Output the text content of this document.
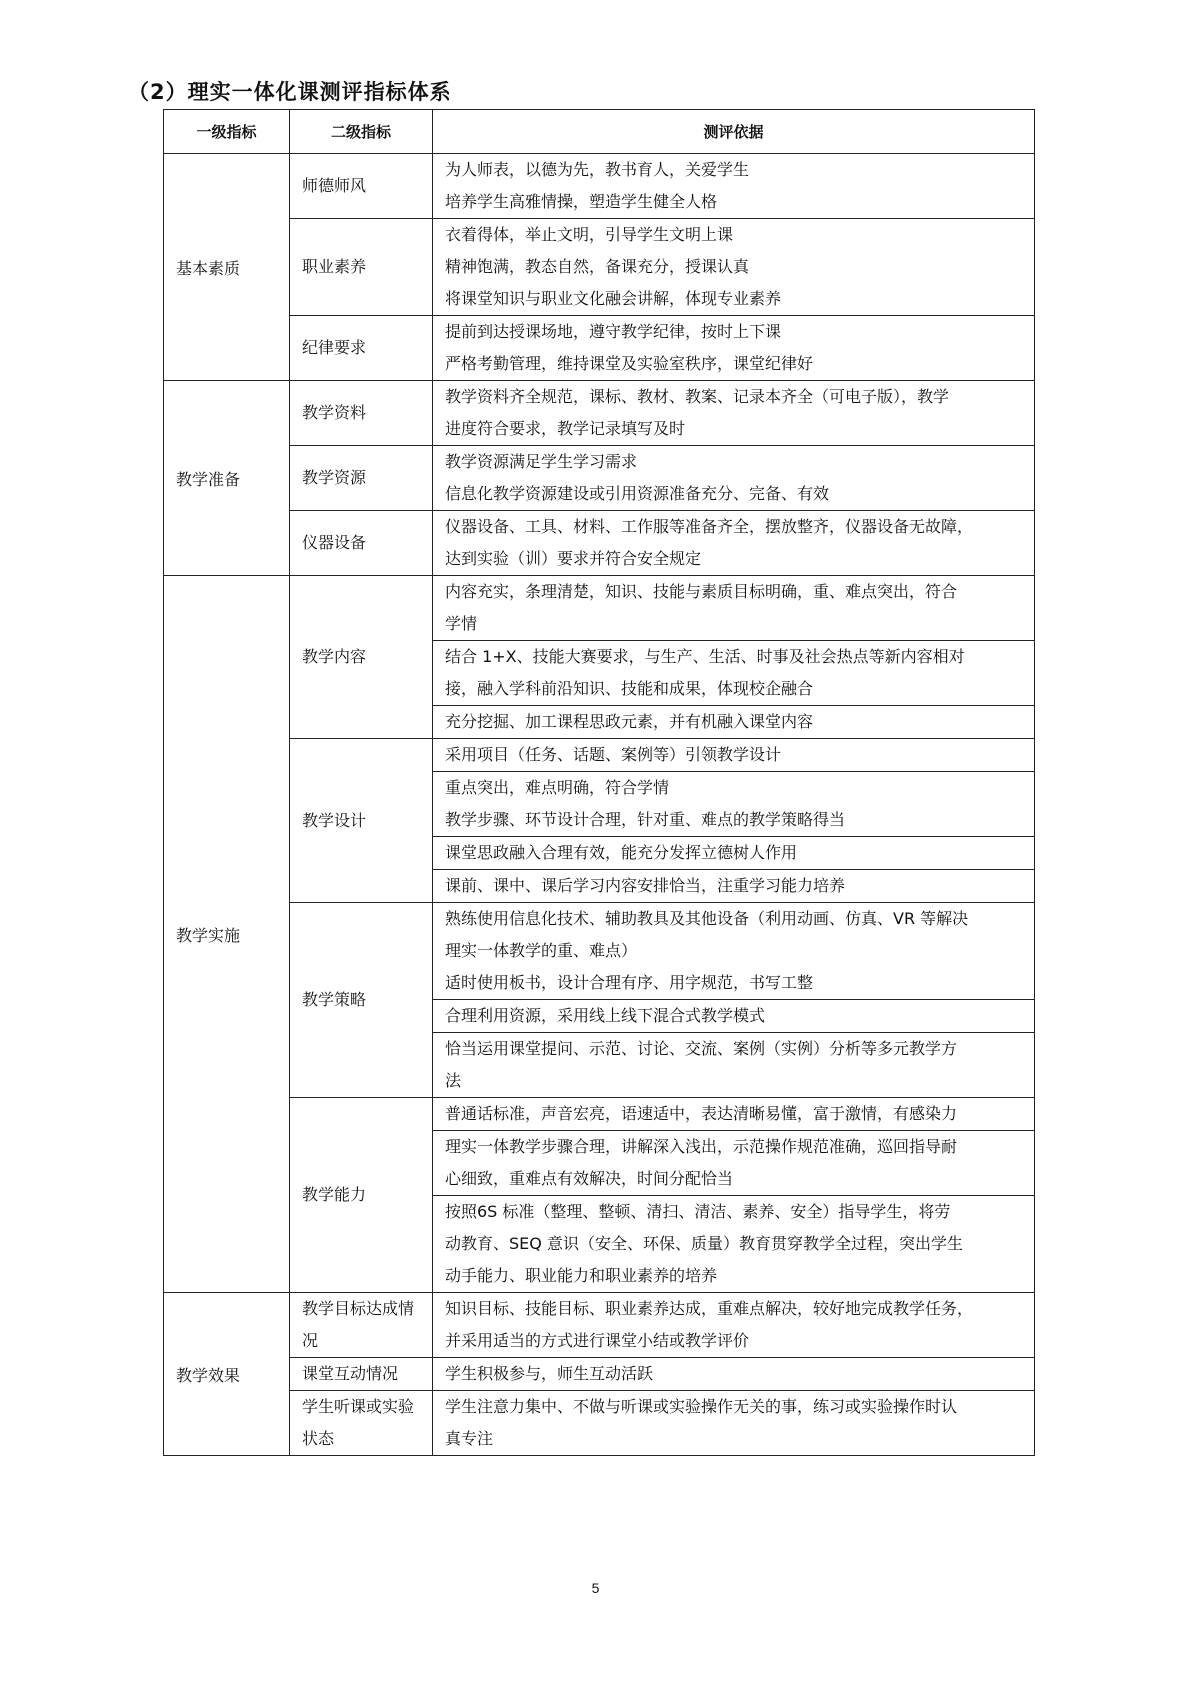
（2）理实一体化课测评指标体系
一级指标	二级指标	测评依据
基本素质	师德师风	为人师表，以德为先，教书育人，关爱学生
培养学生高雅情操，塑造学生健全人格

	职业素养	衣着得体，举止文明，引导学生文明上课
精神饱满，教态自然，备课充分，授课认真
将课堂知识与职业文化融会讲解，体现专业素养

	纪律要求	提前到达授课场地，遵守教学纪律，按时上下课
严格考勤管理，维持课堂及实验室秩序，课堂纪律好

教学准备	教学资料	教学资料齐全规范，课标、教材、教案、记录本齐全（可电子版），教学
进度符合要求，教学记录填写及时

	教学资源	教学资源满足学生学习需求
信息化教学资源建设或引用资源准备充分、完备、有效

	仪器设备	仪器设备、工具、材料、工作服等准备齐全，摆放整齐，仪器设备无故障，
达到实验（训）要求并符合安全规定

教学实施	教学内容	内容充实，条理清楚，知识、技能与素质目标明确，重、难点突出，符合
学情

		结合 1+X、技能大赛要求，与生产、生活、时事及社会热点等新内容相对
接，融入学科前沿知识、技能和成果，体现校企融合

		充分挖掘、加工课程思政元素，并有机融入课堂内容

	教学设计	采用项目（任务、话题、案例等）引领教学设计

		重点突出，难点明确，符合学情
教学步骤、环节设计合理，针对重、难点的教学策略得当

		课堂思政融入合理有效，能充分发挥立德树人作用

		课前、课中、课后学习内容安排恰当，注重学习能力培养

	教学策略	熟练使用信息化技术、辅助教具及其他设备（利用动画、仿真、VR 等解决
理实一体教学的重、难点）
适时使用板书，设计合理有序、用字规范，书写工整

		合理利用资源，采用线上线下混合式教学模式

		恰当运用课堂提问、示范、讨论、交流、案例（实例）分析等多元教学方
法

	教学能力	普通话标准，声音宏亮，语速适中，表达清晰易懂，富于激情，有感染力

		理实一体教学步骤合理，讲解深入浅出，示范操作规范准确，巡回指导耐
心细致，重难点有效解决，时间分配恰当

		按照6S 标准（整理、整顿、清扫、清洁、素养、安全）指导学生，将劳
动教育、SEQ 意识（安全、环保、质量）教育贯穿教学全过程，突出学生
动手能力、职业能力和职业素养的培养

教学效果	教学目标达成情况	知识目标、技能目标、职业素养达成，重难点解决，较好地完成教学任务，
并采用适当的方式进行课堂小结或教学评价

	课堂互动情况	学生积极参与，师生互动活跃

	学生听课或实验状态	学生注意力集中、不做与听课或实验操作无关的事，练习或实验操作时认
真专注
5
